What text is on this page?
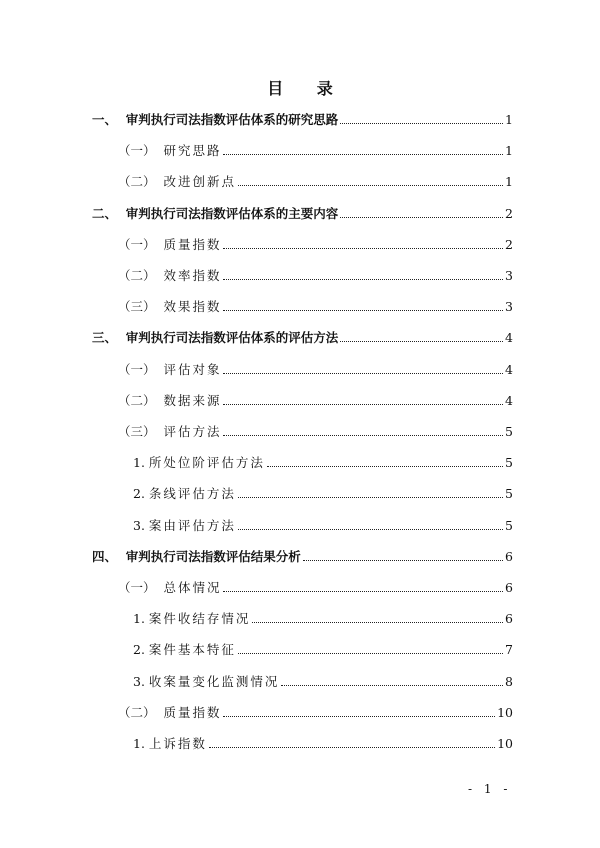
目 录
一、 审判执行司法指数评估体系的研究思路	1
（一） 研究思路	1
（二） 改进创新点	1
二、 审判执行司法指数评估体系的主要内容	2
（一） 质量指数	2
（二） 效率指数	3
（三） 效果指数	3
三、 审判执行司法指数评估体系的评估方法	4
（一） 评估对象	4
（二） 数据来源	4
（三） 评估方法	5
1. 所处位阶评估方法	5
2. 条线评估方法	5
3. 案由评估方法	5
四、 审判执行司法指数评估结果分析	6
（一） 总体情况	6
1. 案件收结存情况	6
2. 案件基本特征	7
3. 收案量变化监测情况	8
（二） 质量指数	10
1. 上诉指数	10
- 1 -
